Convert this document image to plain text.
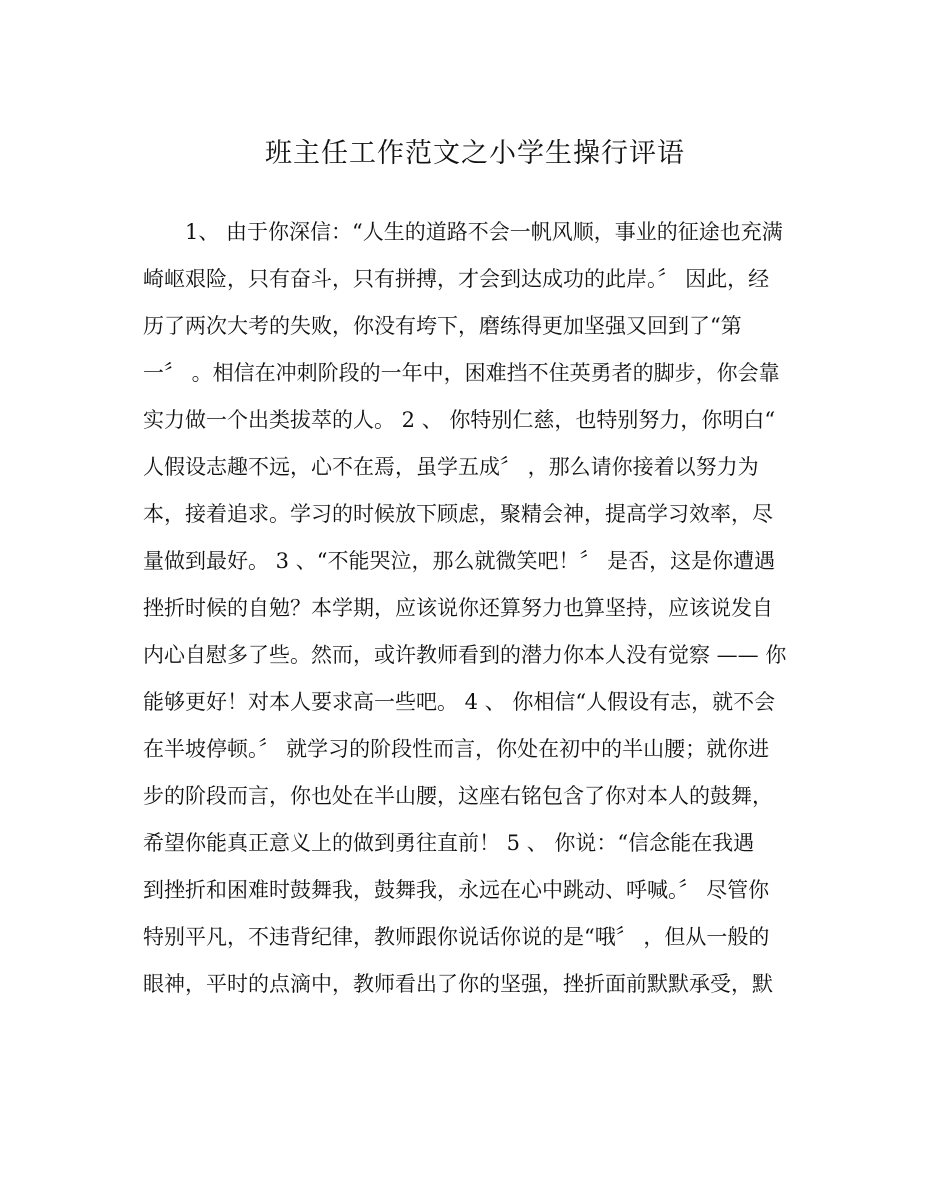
班主任工作范文之小学生操行评语
1、 由于你深信：“人生的道路不会一帆风顺，事业的征途也充满
崎岖艰险，只有奋斗，只有拼搏，才会到达成功的此岸。〞 因此，经
历了两次大考的失败，你没有垮下，磨练得更加坚强又回到了“第
一〞 。相信在冲刺阶段的一年中，困难挡不住英勇者的脚步，你会靠
实力做一个出类拔萃的人。 2 、 你特别仁慈，也特别努力，你明白“
人假设志趣不远，心不在焉，虽学五成〞 ，那么请你接着以努力为
本，接着追求。学习的时候放下顾虑，聚精会神，提高学习效率，尽
量做到最好。 3 、“不能哭泣，那么就微笑吧！〞 是否，这是你遭遇
挫折时候的自勉？本学期，应该说你还算努力也算坚持，应该说发自
内心自慰多了些。然而，或许教师看到的潜力你本人没有觉察 —— 你
能够更好！对本人要求高一些吧。 4 、 你相信“人假设有志，就不会
在半坡停顿。〞 就学习的阶段性而言，你处在初中的半山腰；就你进
步的阶段而言，你也处在半山腰，这座右铭包含了你对本人的鼓舞，
希望你能真正意义上的做到勇往直前！ 5 、 你说：“信念能在我遇
到挫折和困难时鼓舞我，鼓舞我，永远在心中跳动、呼喊。〞 尽管你
特别平凡，不违背纪律，教师跟你说话你说的是“哦〞 ，但从一般的
眼神，平时的点滴中，教师看出了你的坚强，挫折面前默默承受，默
